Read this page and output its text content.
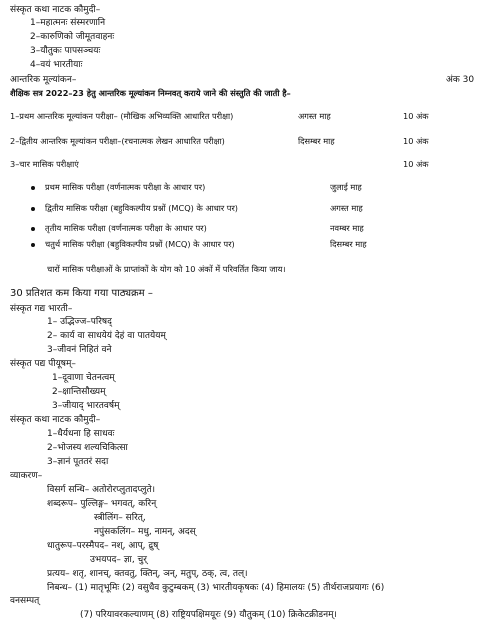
संस्कृत कथा नाटक कौमुदी–
1–महात्मनः संस्मरणानि
2–कारुणिको जीमूतवाहनः
3–यौतुकः पापसञ्चयः
4–वयं भारतीयाः
आन्तरिक मूल्यांकन–	अंक 30
शैक्षिक सत्र 2022–23 हेतु आन्तरिक मूल्यांकन निम्नवत् कराये जाने की संस्तुति की जाती है–
1–प्रथम आन्तरिक मूल्यांकन परीक्षा– (मौखिक अभिव्यक्ति आधारित परीक्षा)	अगस्त माह	10 अंक
2–द्वितीय आन्तरिक मूल्यांकन परीक्षा–(रचनात्मक लेखन आधारित परीक्षा)	दिसम्बर माह	10 अंक
3–चार मासिक परीक्षाएं	10 अंक
प्रथम मासिक परीक्षा (वर्णनात्मक परीक्षा के आधार पर)	जुलाई माह
द्वितीय मासिक परीक्षा (बहुविकल्पीय प्रश्नों (MCQ) के आधार पर)	अगस्त माह
तृतीय मासिक परीक्षा (वर्णनात्मक परीक्षा के आधार पर)	नवम्बर माह
चतुर्थ मासिक परीक्षा (बहुविकल्पीय प्रश्नों (MCQ) के आधार पर)	दिसम्बर माह
चारों मासिक परीक्षाओं के प्राप्तांकों के योग को 10 अंकों में परिवर्तित किया जाय।
30 प्रतिशत कम किया गया पाठ्यक्रम –
संस्कृत गद्य भारती–
1– उद्भिज्ज–परिषद्
2– कार्य वा साधयेयं देहं वा पातयेयम्
3–जीवनं निहितं वने
संस्कृत पद्य पीयूषम्–
1–दूवाणा चेतनत्वम्
2–क्षान्तिसौख्यम्
3–जीयाद् भारतवर्षम्
संस्कृत कथा नाटक कौमुदी–
1–धैर्यधना हि साधवः
2–भोजस्य शल्यचिकित्सा
3–ज्ञानं पूततरं सदा
व्याकरण–
विसर्ग सन्धि– अतोरोरप्लुतादप्लुते।
शब्दरूप– पुल्लिङ्ग– भगवत्, करिन्
स्त्रीलिंग– सरित्,
नपुंसकलिंग– मधु, नामन्, अदस्
धातुरूप–परस्मैपद– नश्, आप्, द्रुष्
उभयपद– ज्ञा, चुर्
प्रत्यय– शतृ, शानच्, क्तवतु, क्तिन्, ञन्, मतुप्, ठक्, त्व, तल्।
निबन्ध– (1) मातृभूमिः (2) वसुधैव कुटुम्बकम् (3) भारतीयकृषकः (4) हिमालयः (5) तीर्थराजप्रयागः (6)
वनसम्पत्
(7) परियावरकल्याणम् (8) राष्ट्रियपक्षिमयूरः (9) यौतुकम् (10) क्रिकेटक्रीडनम्।
